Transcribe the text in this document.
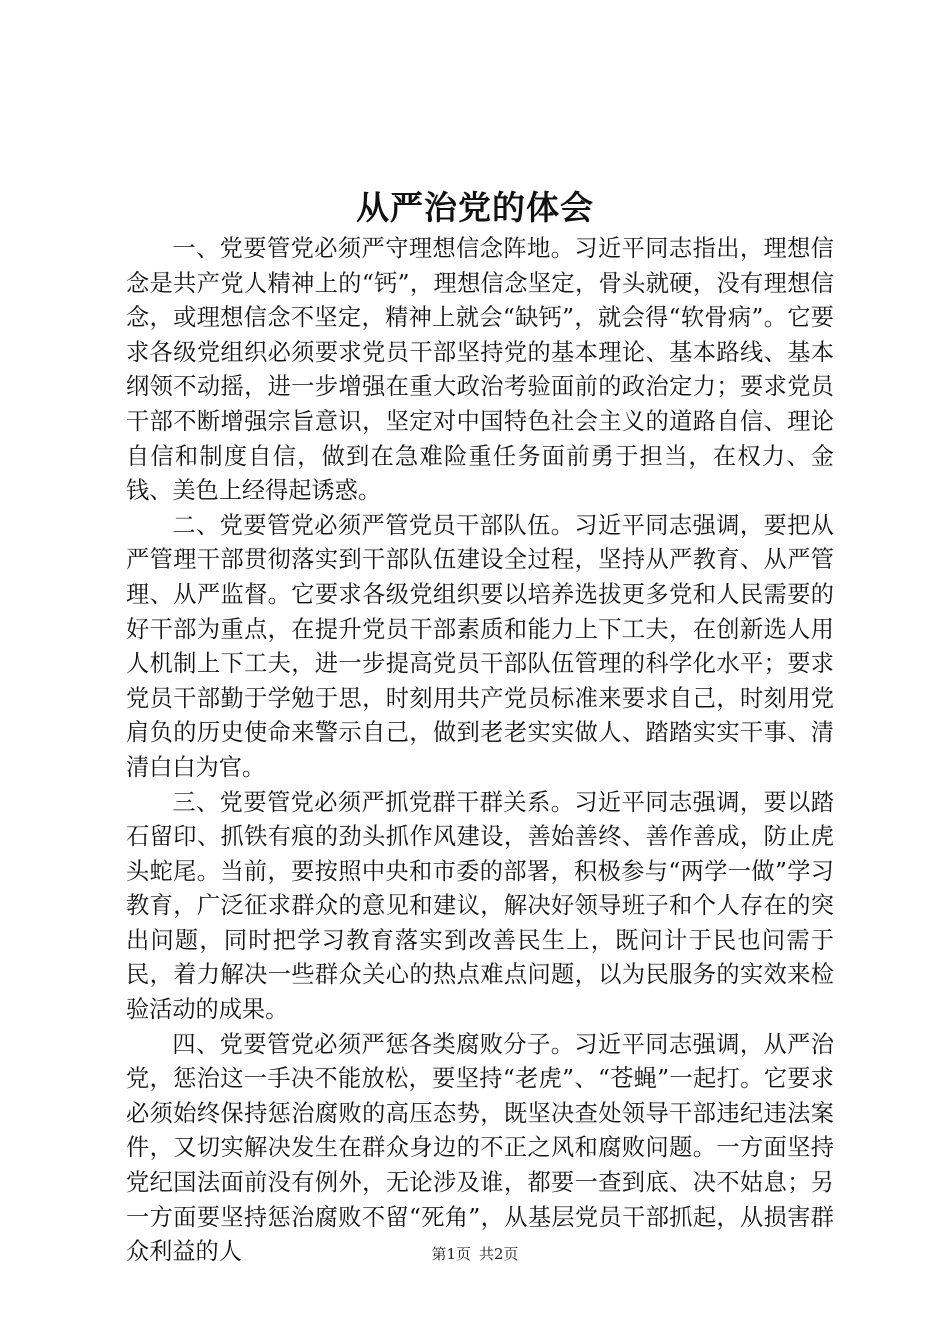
从严治党的体会

一、党要管党必须严守理想信念阵地。习近平同志指出，理想信念是共产党人精神上的“钙”，理想信念坚定，骨头就硬，没有理想信念，或理想信念不坚定，精神上就会“缺钙”，就会得“软骨病”。它要求各级党组织必须要求党员干部坚持党的基本理论、基本路线、基本纲领不动摇，进一步增强在重大政治考验面前的政治定力；要求党员干部不断增强宗旨意识，坚定对中国特色社会主义的道路自信、理论自信和制度自信，做到在急难险重任务面前勇于担当，在权力、金钱、美色上经得起诱惑。

二、党要管党必须严管党员干部队伍。习近平同志强调，要把从严管理干部贯彻落实到干部队伍建设全过程，坚持从严教育、从严管理、从严监督。它要求各级党组织要以培养选拔更多党和人民需要的好干部为重点，在提升党员干部素质和能力上下工夫，在创新选人用人机制上下工夫，进一步提高党员干部队伍管理的科学化水平；要求党员干部勤于学勉于思，时刻用共产党员标准来要求自己，时刻用党肩负的历史使命来警示自己，做到老老实实做人、踏踏实实干事、清清白白为官。

三、党要管党必须严抓党群干群关系。习近平同志强调，要以踏石留印、抓铁有痕的劲头抓作风建设，善始善终、善作善成，防止虎头蛇尾。当前，要按照中央和市委的部署，积极参与“两学一做”学习教育，广泛征求群众的意见和建议，解决好领导班子和个人存在的突出问题，同时把学习教育落实到改善民生上，既问计于民也问需于民，着力解决一些群众关心的热点难点问题，以为民服务的实效来检验活动的成果。

四、党要管党必须严惩各类腐败分子。习近平同志强调，从严治党，惩治这一手决不能放松，要坚持“老虎”、“苍蝇”一起打。它要求必须始终保持惩治腐败的高压态势，既坚决查处领导干部违纪违法案件，又切实解决发生在群众身边的不正之风和腐败问题。一方面坚持党纪国法面前没有例外，无论涉及谁，都要一查到底、决不姑息；另一方面要坚持惩治腐败不留“死角”，从基层党员干部抓起，从损害群众利益的人	第1页 共2页
